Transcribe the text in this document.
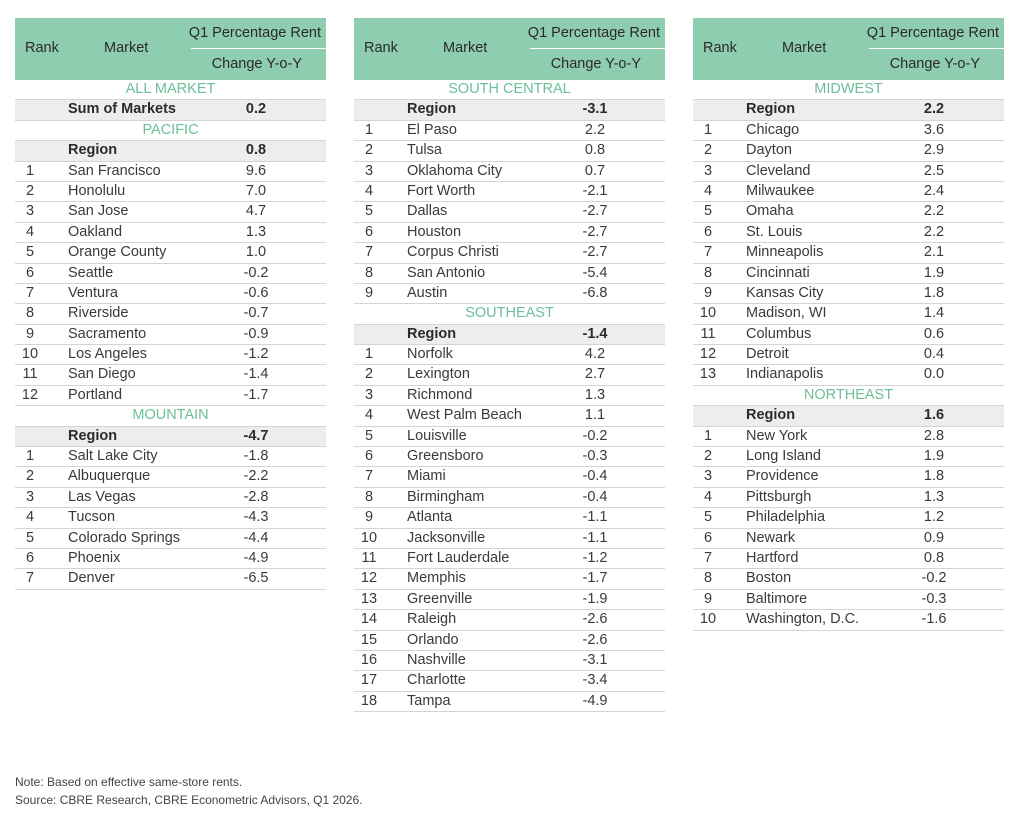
Rank	Market
Q1 Percentage Rent
Change Y-o-Y
ALL MARKET
Sum of Markets	0.2
PACIFIC
Region	0.8
1	San Francisco	9.6
2	Honolulu	7.0
3	San Jose	4.7
4	Oakland	1.3
5	Orange County	1.0
6	Seattle	-0.2
7	Ventura	-0.6
8	Riverside	-0.7
9	Sacramento	-0.9
10	Los Angeles	-1.2
11	San Diego	-1.4
12	Portland	-1.7
MOUNTAIN
Region	-4.7
1	Salt Lake City	-1.8
2	Albuquerque	-2.2
3	Las Vegas	-2.8
4	Tucson	-4.3
5	Colorado Springs	-4.4
6	Phoenix	-4.9
7	Denver	-6.5
Rank	Market
Q1 Percentage Rent
Change Y-o-Y
SOUTH CENTRAL
Region	-3.1
1	El Paso	2.2
2	Tulsa	0.8
3	Oklahoma City	0.7
4	Fort Worth	-2.1
5	Dallas	-2.7
6	Houston	-2.7
7	Corpus Christi	-2.7
8	San Antonio	-5.4
9	Austin	-6.8
SOUTHEAST
Region	-1.4
1	Norfolk	4.2
2	Lexington	2.7
3	Richmond	1.3
4	West Palm Beach	1.1
5	Louisville	-0.2
6	Greensboro	-0.3
7	Miami	-0.4
8	Birmingham	-0.4
9	Atlanta	-1.1
10	Jacksonville	-1.1
11	Fort Lauderdale	-1.2
12	Memphis	-1.7
13	Greenville	-1.9
14	Raleigh	-2.6
15	Orlando	-2.6
16	Nashville	-3.1
17	Charlotte	-3.4
18	Tampa	-4.9
Rank	Market
Q1 Percentage Rent
Change Y-o-Y
MIDWEST
Region	2.2
1	Chicago	3.6
2	Dayton	2.9
3	Cleveland	2.5
4	Milwaukee	2.4
5	Omaha	2.2
6	St. Louis	2.2
7	Minneapolis	2.1
8	Cincinnati	1.9
9	Kansas City	1.8
10	Madison, WI	1.4
11	Columbus	0.6
12	Detroit	0.4
13	Indianapolis	0.0
NORTHEAST
Region	1.6
1	New York	2.8
2	Long Island	1.9
3	Providence	1.8
4	Pittsburgh	1.3
5	Philadelphia	1.2
6	Newark	0.9
7	Hartford	0.8
8	Boston	-0.2
9	Baltimore	-0.3
10	Washington, D.C.	-1.6
Note: Based on effective same-store rents.
Source: CBRE Research, CBRE Econometric Advisors, Q1 2026.
